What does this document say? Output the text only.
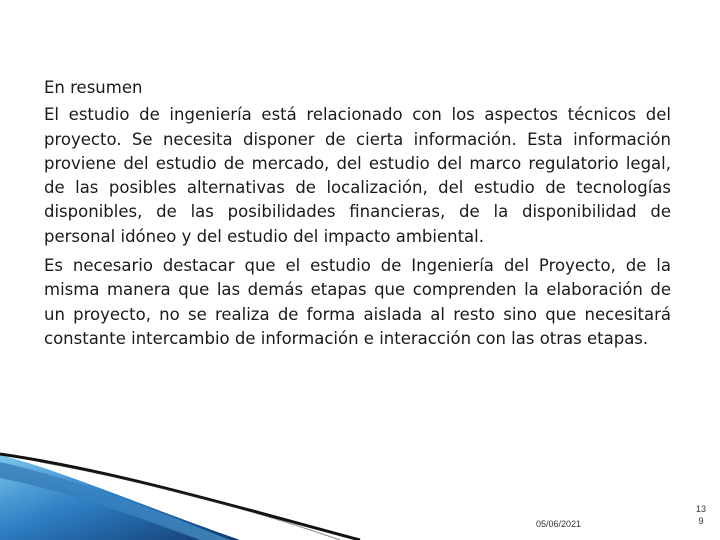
En resumen

El estudio de ingeniería está relacionado con los aspectos técnicos del proyecto. Se necesita disponer de cierta información. Esta información proviene del estudio de mercado, del estudio del marco regulatorio legal, de las posibles alternativas de localización, del estudio de tecnologías disponibles, de las posibilidades financieras, de la disponibilidad de personal idóneo y del estudio del impacto ambiental.

Es necesario destacar que el estudio de Ingeniería del Proyecto, de la misma manera que las demás etapas que comprenden la elaboración de un proyecto, no se realiza de forma aislada al resto sino que necesitará constante intercambio de información e interacción con las otras etapas.

05/06/2021
13
9
